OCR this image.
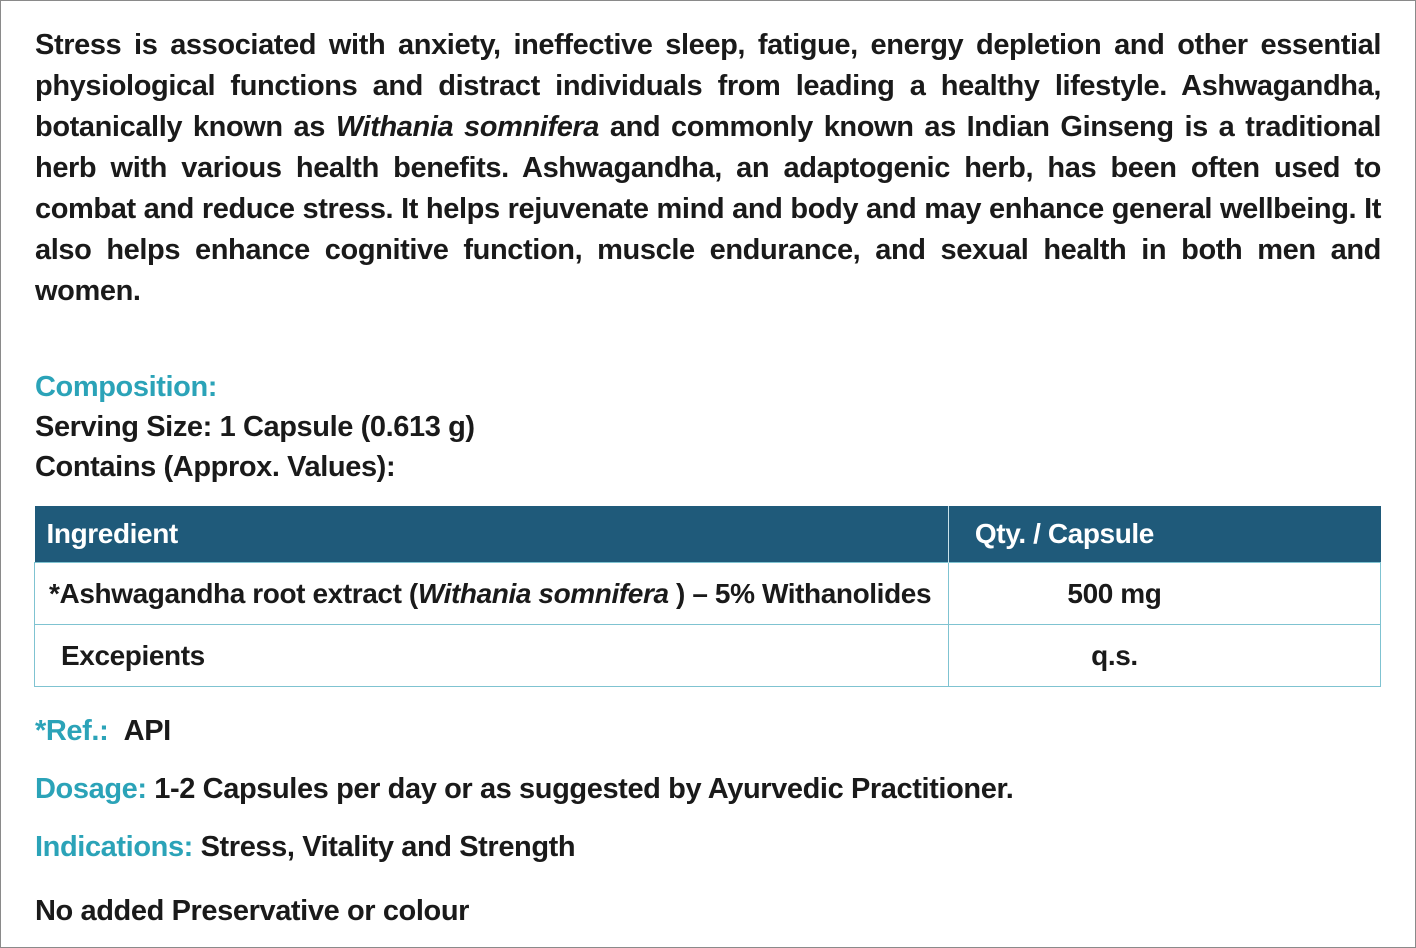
Stress is associated with anxiety, ineffective sleep, fatigue, energy depletion and other essential physiological functions and distract individuals from leading a healthy lifestyle. Ashwagandha, botanically known as Withania somnifera and commonly known as Indian Ginseng is a traditional herb with various health benefits. Ashwagandha, an adaptogenic herb, has been often used to combat and reduce stress. It helps rejuvenate mind and body and may enhance general wellbeing. It also helps enhance cognitive function, muscle endurance, and sexual health in both men and women.

Composition:
Serving Size: 1 Capsule (0.613 g)
Contains (Approx. Values):
Ingredient	Qty. / Capsule
*Ashwagandha root extract (Withania somnifera ) – 5% Withanolides	500 mg
Excepients	q.s.
*Ref.: API
Dosage: 1-2 Capsules per day or as suggested by Ayurvedic Practitioner.
Indications: Stress, Vitality and Strength
No added Preservative or colour
